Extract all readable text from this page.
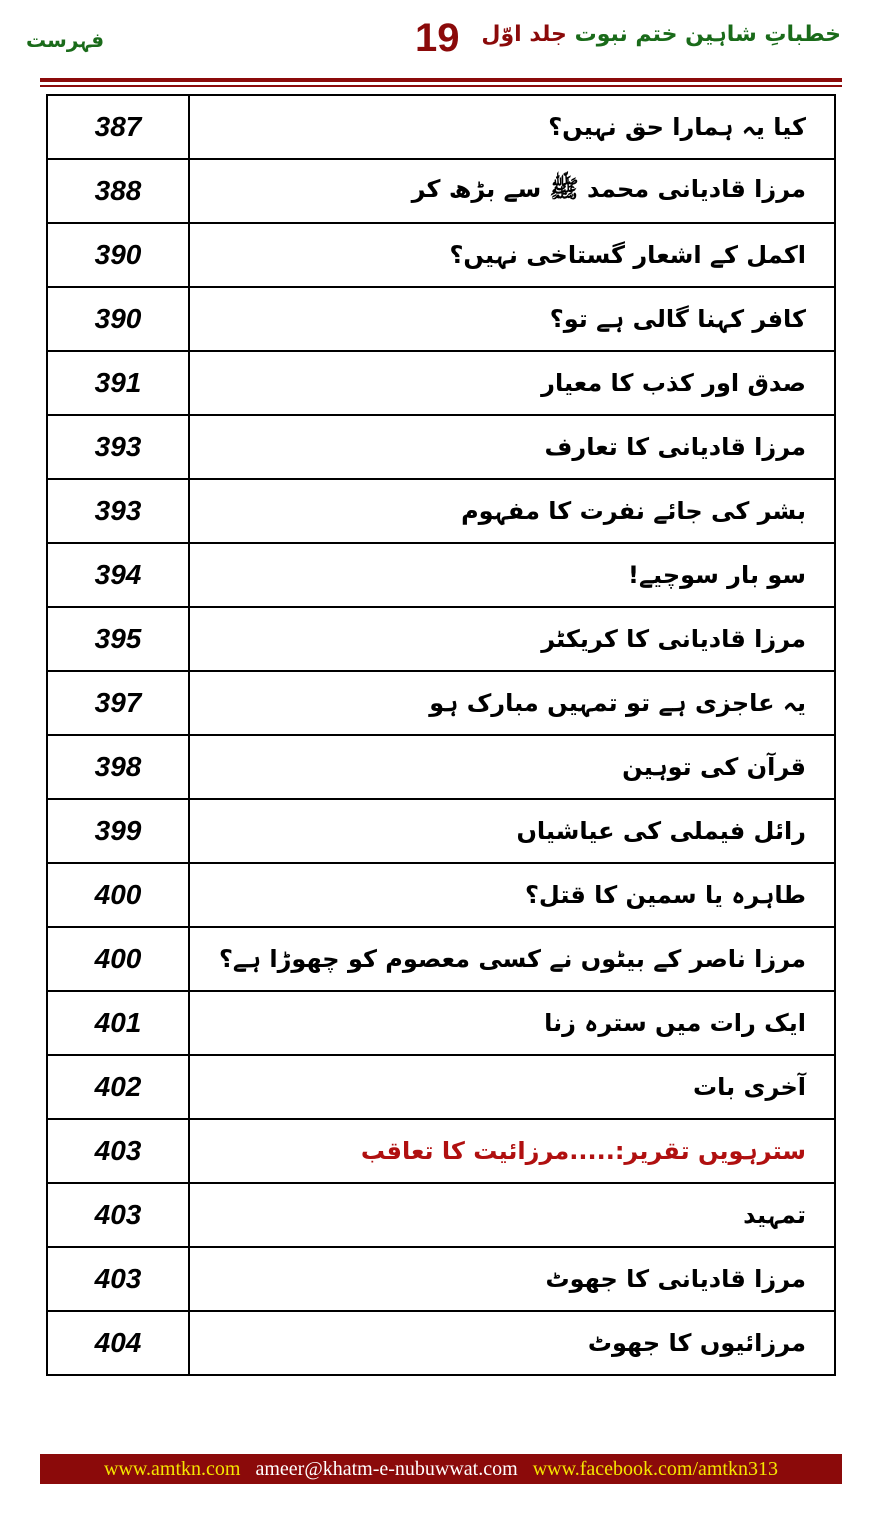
خطباتِ شاہین ختم نبوت جلد اوّل
19
فہرست
387	کیا یہ ہمارا حق نہیں؟
388	مرزا قادیانی محمد ﷺ سے بڑھ کر
390	اکمل کے اشعار گستاخی نہیں؟
390	کافر کہنا گالی ہے تو؟
391	صدق اور کذب کا معیار
393	مرزا قادیانی کا تعارف
393	بشر کی جائے نفرت کا مفہوم
394	سو بار سوچیے!
395	مرزا قادیانی کا کریکٹر
397	یہ عاجزی ہے تو تمہیں مبارک ہو
398	قرآن کی توہین
399	رائل فیملی کی عیاشیاں
400	طاہرہ یا سمین کا قتل؟
400	مرزا ناصر کے بیٹوں نے کسی معصوم کو چھوڑا ہے؟
401	ایک رات میں سترہ زنا
402	آخری بات
403	سترہویں تقریر:.....مرزائیت کا تعاقب
403	تمہید
403	مرزا قادیانی کا جھوٹ
404	مرزائیوں کا جھوٹ
www.amtkn.com ameer@khatm-e-nubuwwat.com www.facebook.com/amtkn313
